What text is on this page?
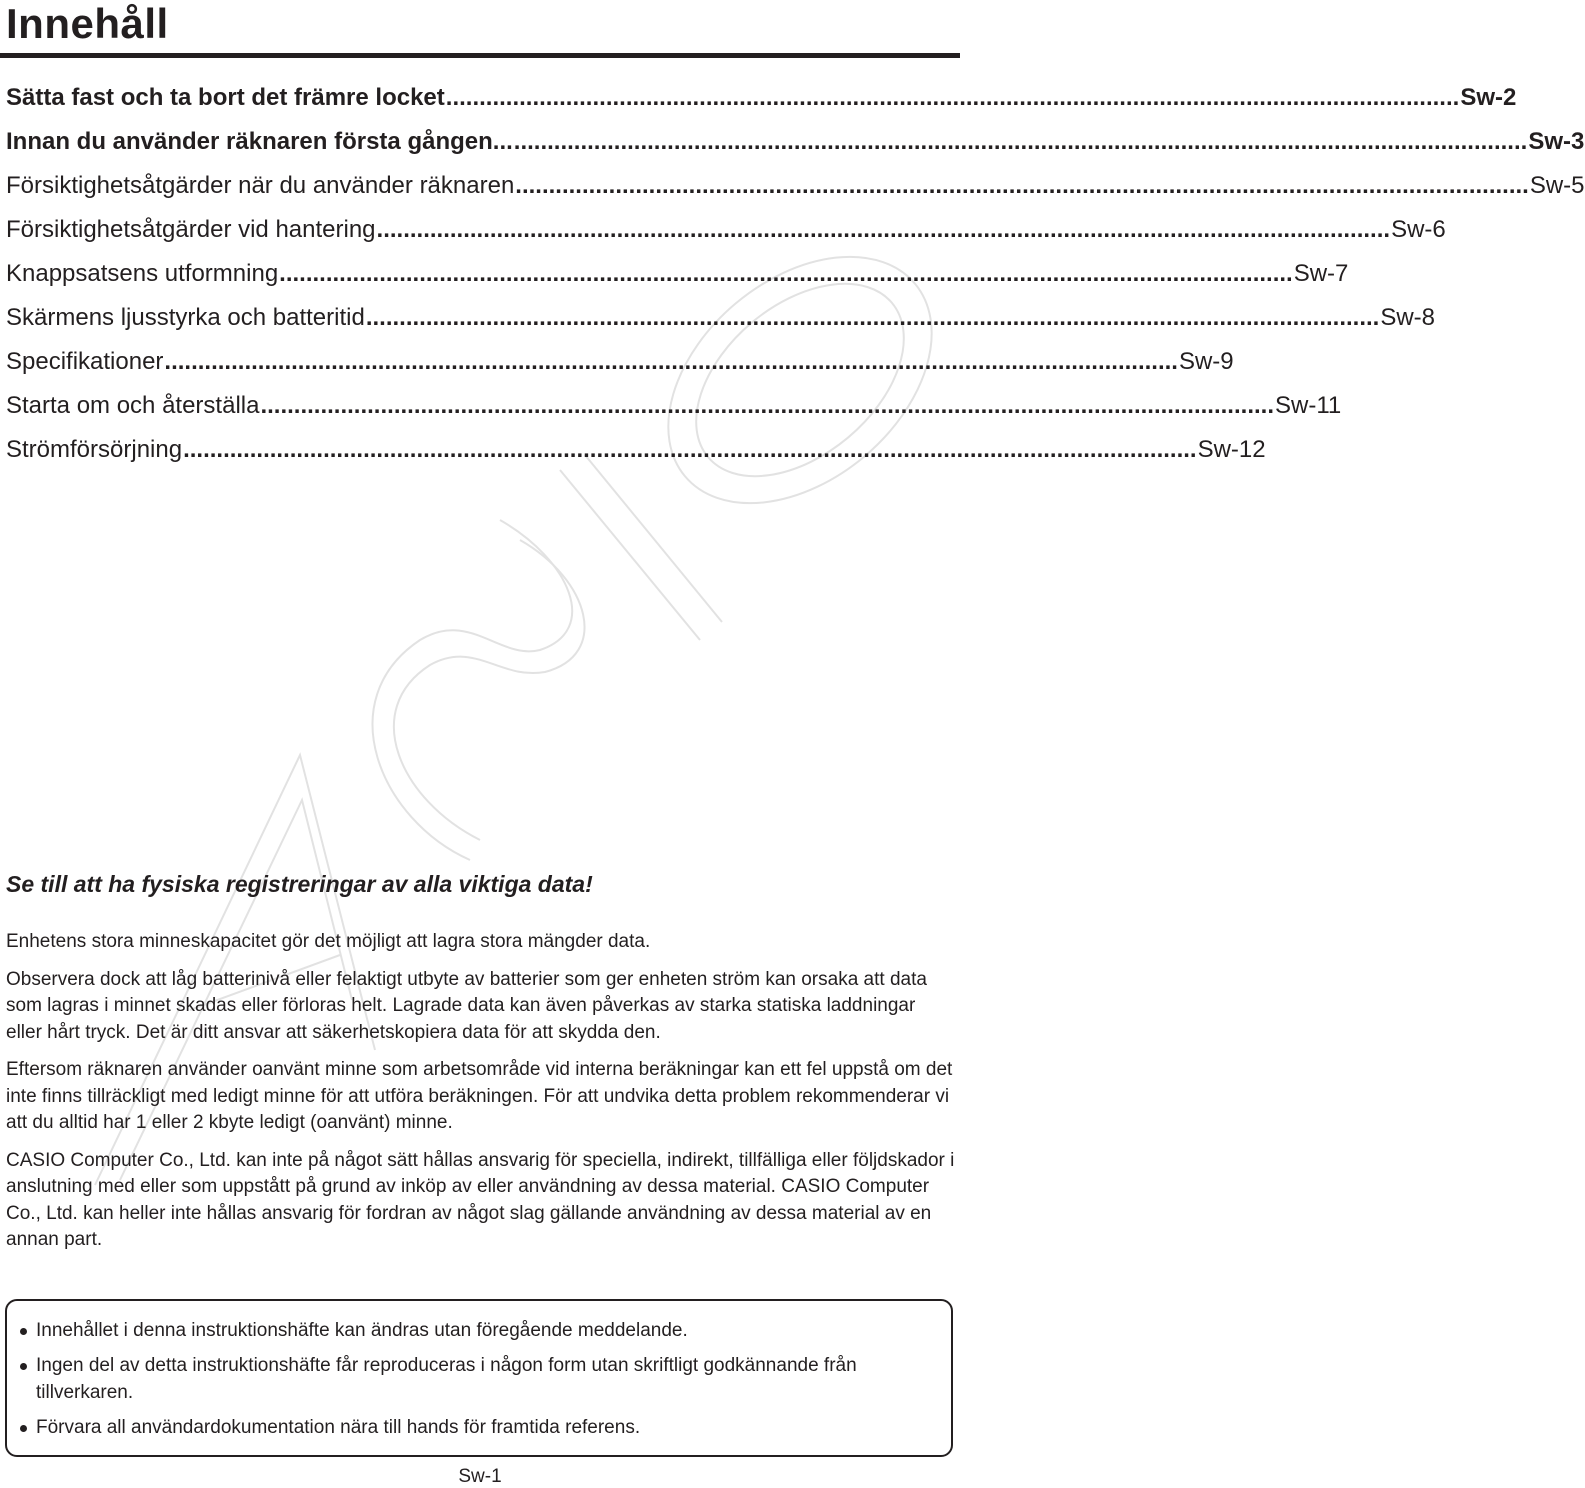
Innehåll
Sätta fast och ta bort det främre locket ........................................................................................................................................................ Sw-2
Innan du använder räknaren första gången... ........................................................................................................................................................ Sw-3
Försiktighetsåtgärder när du använder räknaren ........................................................................................................................................................ Sw-5
Försiktighetsåtgärder vid hantering ........................................................................................................................................................ Sw-6
Knappsatsens utformning ........................................................................................................................................................ Sw-7
Skärmens ljusstyrka och batteritid ........................................................................................................................................................ Sw-8
Specifikationer ........................................................................................................................................................ Sw-9
Starta om och återställa ........................................................................................................................................................ Sw-11
Strömförsörjning ........................................................................................................................................................ Sw-12
Se till att ha fysiska registreringar av alla viktiga data!

Enhetens stora minneskapacitet gör det möjligt att lagra stora mängder data.

Observera dock att låg batterinivå eller felaktigt utbyte av batterier som ger enheten ström kan orsaka att data som lagras i minnet skadas eller förloras helt. Lagrade data kan även påverkas av starka statiska laddningar eller hårt tryck. Det är ditt ansvar att säkerhetskopiera data för att skydda den.

Eftersom räknaren använder oanvänt minne som arbetsområde vid interna beräkningar kan ett fel uppstå om det inte finns tillräckligt med ledigt minne för att utföra beräkningen. För att undvika detta problem rekommenderar vi att du alltid har 1 eller 2 kbyte ledigt (oanvänt) minne.

CASIO Computer Co., Ltd. kan inte på något sätt hållas ansvarig för speciella, indirekt, tillfälliga eller följdskador i anslutning med eller som uppstått på grund av inköp av eller användning av dessa material. CASIO Computer Co., Ltd. kan heller inte hållas ansvarig för fordran av något slag gällande användning av dessa material av en annan part.

Innehållet i denna instruktionshäfte kan ändras utan föregående meddelande.
Ingen del av detta instruktionshäfte får reproduceras i någon form utan skriftligt godkännande från tillverkaren.
Förvara all användardokumentation nära till hands för framtida referens.
Sw-1
